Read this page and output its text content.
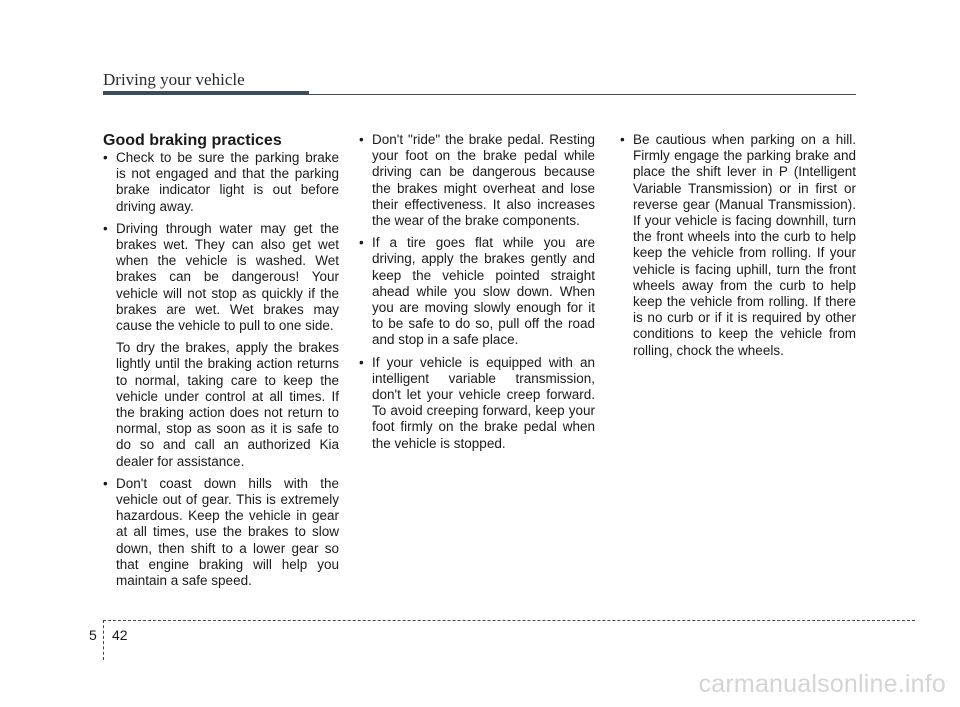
Driving your vehicle

Good braking practices

• Check to be sure the parking brake is not engaged and that the parking brake indicator light is out before driving away.

• Driving through water may get the brakes wet. They can also get wet when the vehicle is washed. Wet brakes can be dangerous! Your vehicle will not stop as quickly if the brakes are wet. Wet brakes may cause the vehicle to pull to one side.

To dry the brakes, apply the brakes lightly until the braking action returns to normal, taking care to keep the vehicle under control at all times. If the braking action does not return to normal, stop as soon as it is safe to do so and call an authorized Kia dealer for assistance.

• Don't coast down hills with the vehicle out of gear. This is extremely hazardous. Keep the vehicle in gear at all times, use the brakes to slow down, then shift to a lower gear so that engine braking will help you maintain a safe speed.

• Don't "ride" the brake pedal. Resting your foot on the brake pedal while driving can be dangerous because the brakes might overheat and lose their effectiveness. It also increases the wear of the brake components.

• If a tire goes flat while you are driving, apply the brakes gently and keep the vehicle pointed straight ahead while you slow down. When you are moving slowly enough for it to be safe to do so, pull off the road and stop in a safe place.

• If your vehicle is equipped with an intelligent variable transmission, don't let your vehicle creep forward. To avoid creeping forward, keep your foot firmly on the brake pedal when the vehicle is stopped.

• Be cautious when parking on a hill. Firmly engage the parking brake and place the shift lever in P (Intelligent Variable Transmission) or in first or reverse gear (Manual Transmission). If your vehicle is facing downhill, turn the front wheels into the curb to help keep the vehicle from rolling. If your vehicle is facing uphill, turn the front wheels away from the curb to help keep the vehicle from rolling. If there is no curb or if it is required by other conditions to keep the vehicle from rolling, chock the wheels.

5 42
carmanualsonline.info
